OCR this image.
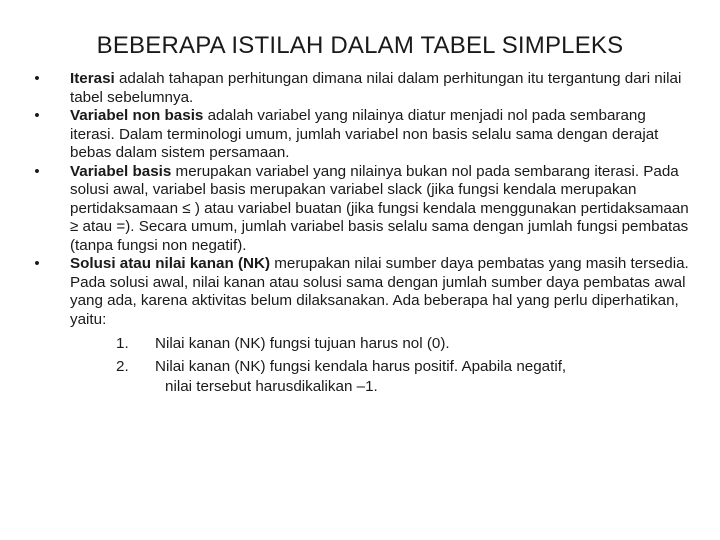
BEBERAPA ISTILAH DALAM TABEL SIMPLEKS

•	Iterasi adalah tahapan perhitungan dimana nilai dalam perhitungan itu tergantung dari nilai tabel sebelumnya.

•	Variabel non basis adalah variabel yang nilainya diatur menjadi nol pada sembarang iterasi. Dalam terminologi umum, jumlah variabel non basis selalu sama dengan derajat bebas dalam sistem persamaan.

•	Variabel basis merupakan variabel yang nilainya bukan nol pada sembarang iterasi. Pada solusi awal, variabel basis merupakan variabel slack (jika fungsi kendala merupakan pertidaksamaan ≤ ) atau variabel buatan (jika fungsi kendala menggunakan pertidaksamaan ≥ atau =). Secara umum, jumlah variabel basis selalu sama dengan jumlah fungsi pembatas (tanpa fungsi non negatif).

•	Solusi atau nilai kanan (NK) merupakan nilai sumber daya pembatas yang masih tersedia. Pada solusi awal, nilai kanan atau solusi sama dengan jumlah sumber daya pembatas awal yang ada, karena aktivitas belum dilaksanakan. Ada beberapa hal yang perlu diperhatikan, yaitu:

1. Nilai kanan (NK) fungsi tujuan harus nol (0).

2. Nilai kanan (NK) fungsi kendala harus positif. Apabila negatif,

nilai tersebut harusdikalikan –1.
